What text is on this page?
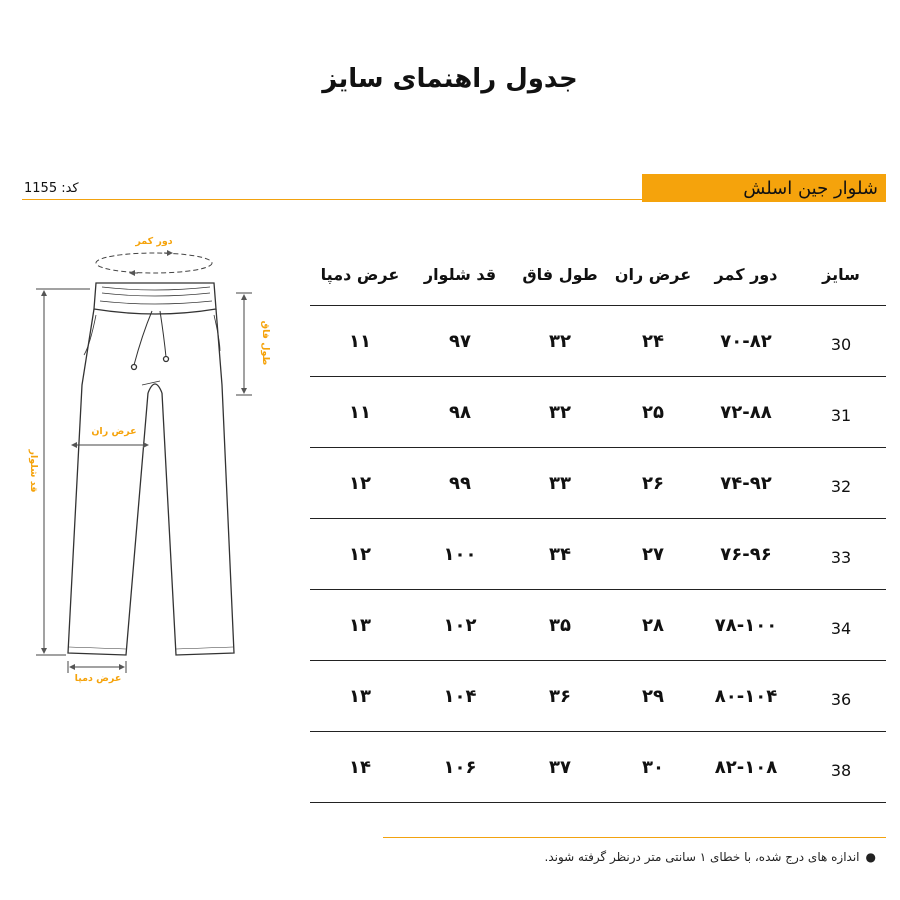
جدول راهنمای سایز
کد: 1155	شلوار جین اسلش
دور کمر
طول فاق
عرض ران
قد شلوار
عرض دمپا
سایز
دور کمر
عرض ران
طول فاق
قد شلوار
عرض دمپا
30
۷۰-۸۲
۲۴
۳۲
۹۷
۱۱
31
۷۲-۸۸
۲۵
۳۲
۹۸
۱۱
32
۷۴-۹۲
۲۶
۳۳
۹۹
۱۲
33
۷۶-۹۶
۲۷
۳۴
۱۰۰
۱۲
34
۷۸-۱۰۰
۲۸
۳۵
۱۰۲
۱۳
36
۸۰-۱۰۴
۲۹
۳۶
۱۰۴
۱۳
38
۸۲-۱۰۸
۳۰
۳۷
۱۰۶
۱۴
●اندازه های درج شده، با خطای ۱ سانتی متر درنظر گرفته شوند.
